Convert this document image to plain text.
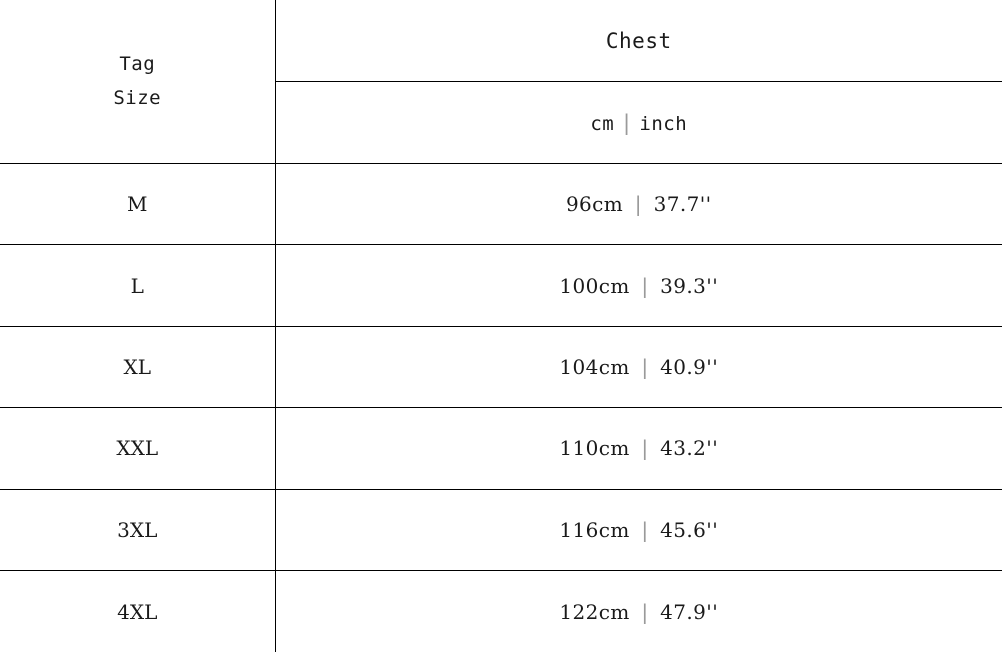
Tag
Size	Chest
	cm | inch
M	96cm | 37.7''
L	100cm | 39.3''
XL	104cm | 40.9''
XXL	110cm | 43.2''
3XL	116cm | 45.6''
4XL	122cm | 47.9''
